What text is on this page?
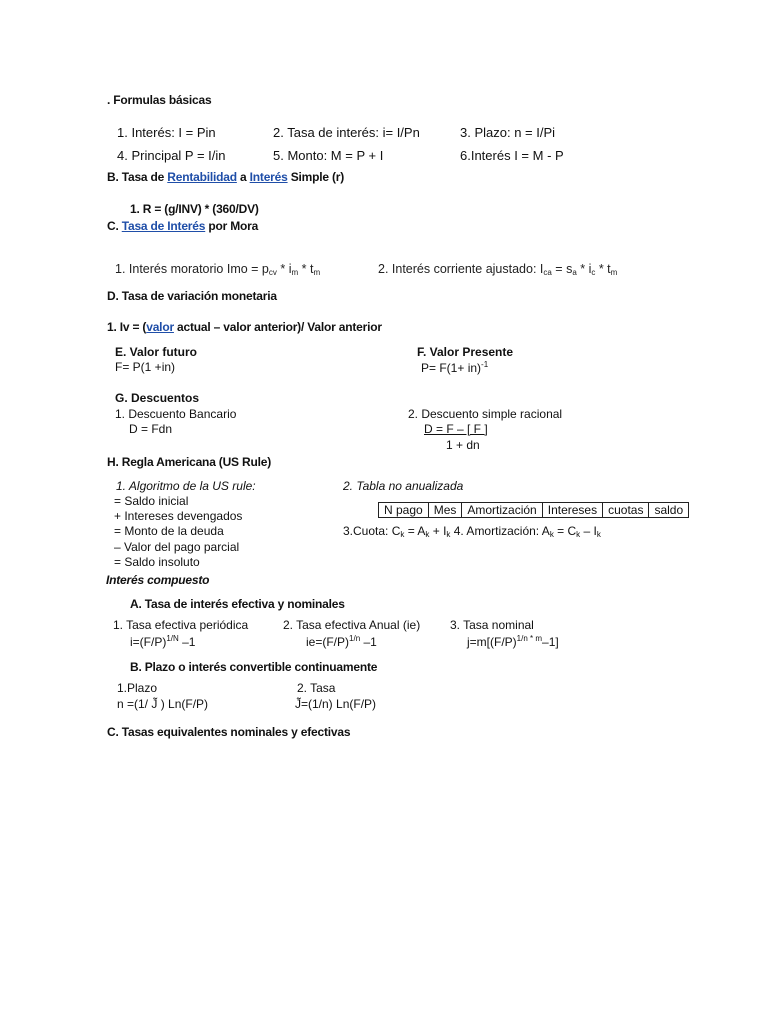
. Formulas básicas
1. Interés: I = Pin	2. Tasa de interés: i= I/Pn	3. Plazo: n = I/Pi
4. Principal P = I/in	5. Monto: M = P + I	6.Interés I = M - P
B. Tasa de Rentabilidad a Interés Simple (r)
1. R = (g/INV) * (360/DV)
C. Tasa de Interés por Mora
1. Interés moratorio Imo = $p_{cv} * i_m * t_m$	2. Interés corriente ajustado: $I_{ca} = s_a * i_c * t_m$
D. Tasa de variación monetaria
1. Iv = (valor actual – valor anterior)/ Valor anterior
E. Valor futuro
F= P(1 +in)
F. Valor Presente
P= F(1+ in)$^{-1}$
G. Descuentos
1. Descuento Bancario
D = Fdn
2. Descuento simple racional
D = F – [ F ]
1 + dn
H. Regla Americana (US Rule)
1. Algoritmo de la US rule:
= Saldo inicial
+ Intereses devengados
= Monto de la deuda
– Valor del pago parcial
= Saldo insoluto
2. Tabla no anualizada
N pago	Mes	Amortización	Intereses	cuotas	saldo
3.Cuota: $C_k = A_k + I_k$ 4. Amortización: $A_k = C_k - I_k$
Interés compuesto
A. Tasa de interés efectiva y nominales
1. Tasa efectiva periódica
$i=(F/P)^{1/N}$ –1
2. Tasa efectiva Anual (ie)
$ie=(F/P)^{1/n}$ –1
3. Tasa nominal
$j=m[(F/P)^{1/n * m}-1]$
B. Plazo o interés convertible continuamente
1.Plazo
n =(1/ J̃ ) Ln(F/P)
2. Tasa
J̃=(1/n) Ln(F/P)
C. Tasas equivalentes nominales y efectivas
